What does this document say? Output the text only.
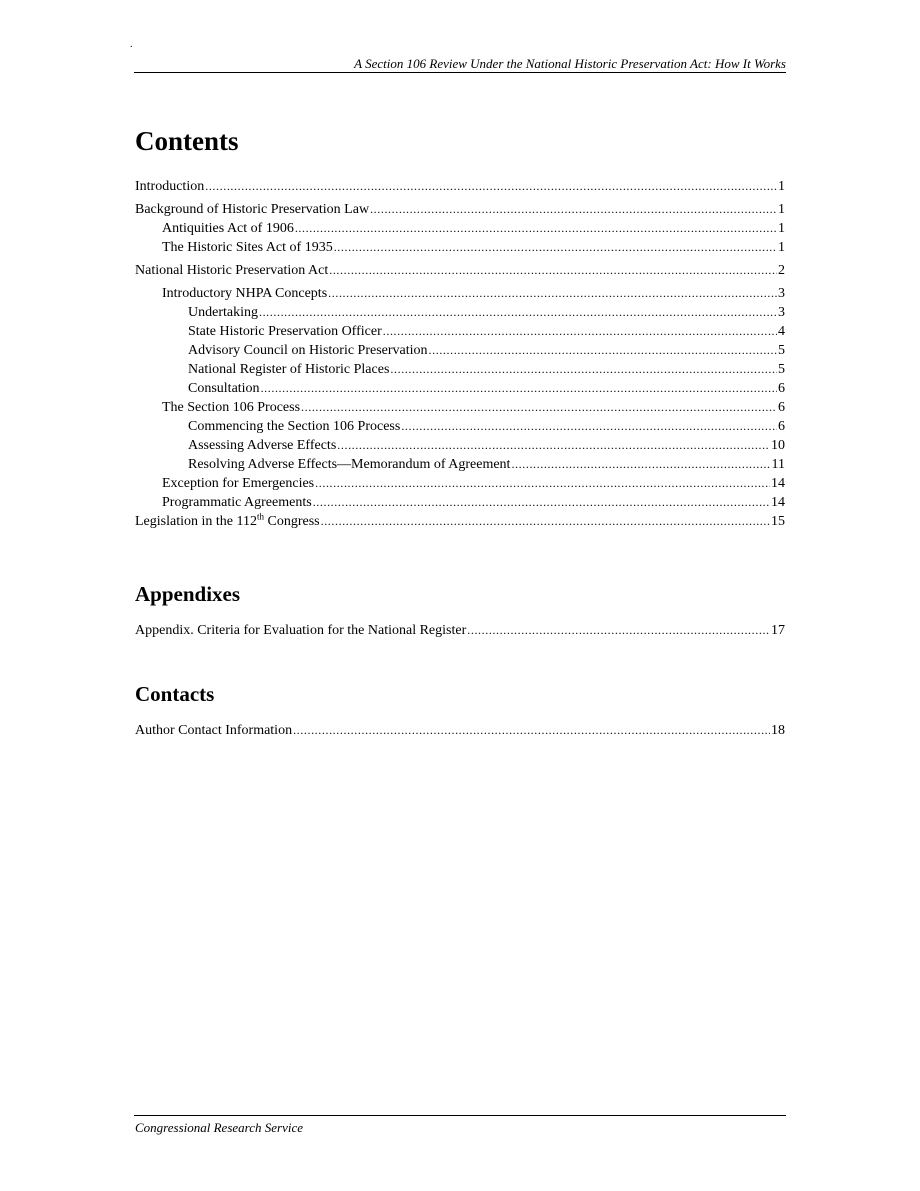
.
A Section 106 Review Under the National Historic Preservation Act: How It Works
Contents
Introduction .....	1
Background of Historic Preservation Law .....	1
Antiquities Act of 1906 .....	1
The Historic Sites Act of 1935 .....	1
National Historic Preservation Act .....	2
Introductory NHPA Concepts .....	3
Undertaking .....	3
State Historic Preservation Officer .....	4
Advisory Council on Historic Preservation .....	5
National Register of Historic Places .....	5
Consultation .....	6
The Section 106 Process .....	6
Commencing the Section 106 Process .....	6
Assessing Adverse Effects .....	10
Resolving Adverse Effects—Memorandum of Agreement .....	11
Exception for Emergencies .....	14
Programmatic Agreements .....	14
Legislation in the 112th Congress .....	15
Appendixes
Appendix. Criteria for Evaluation for the National Register .....	17
Contacts
Author Contact Information .....	18
Congressional Research Service
